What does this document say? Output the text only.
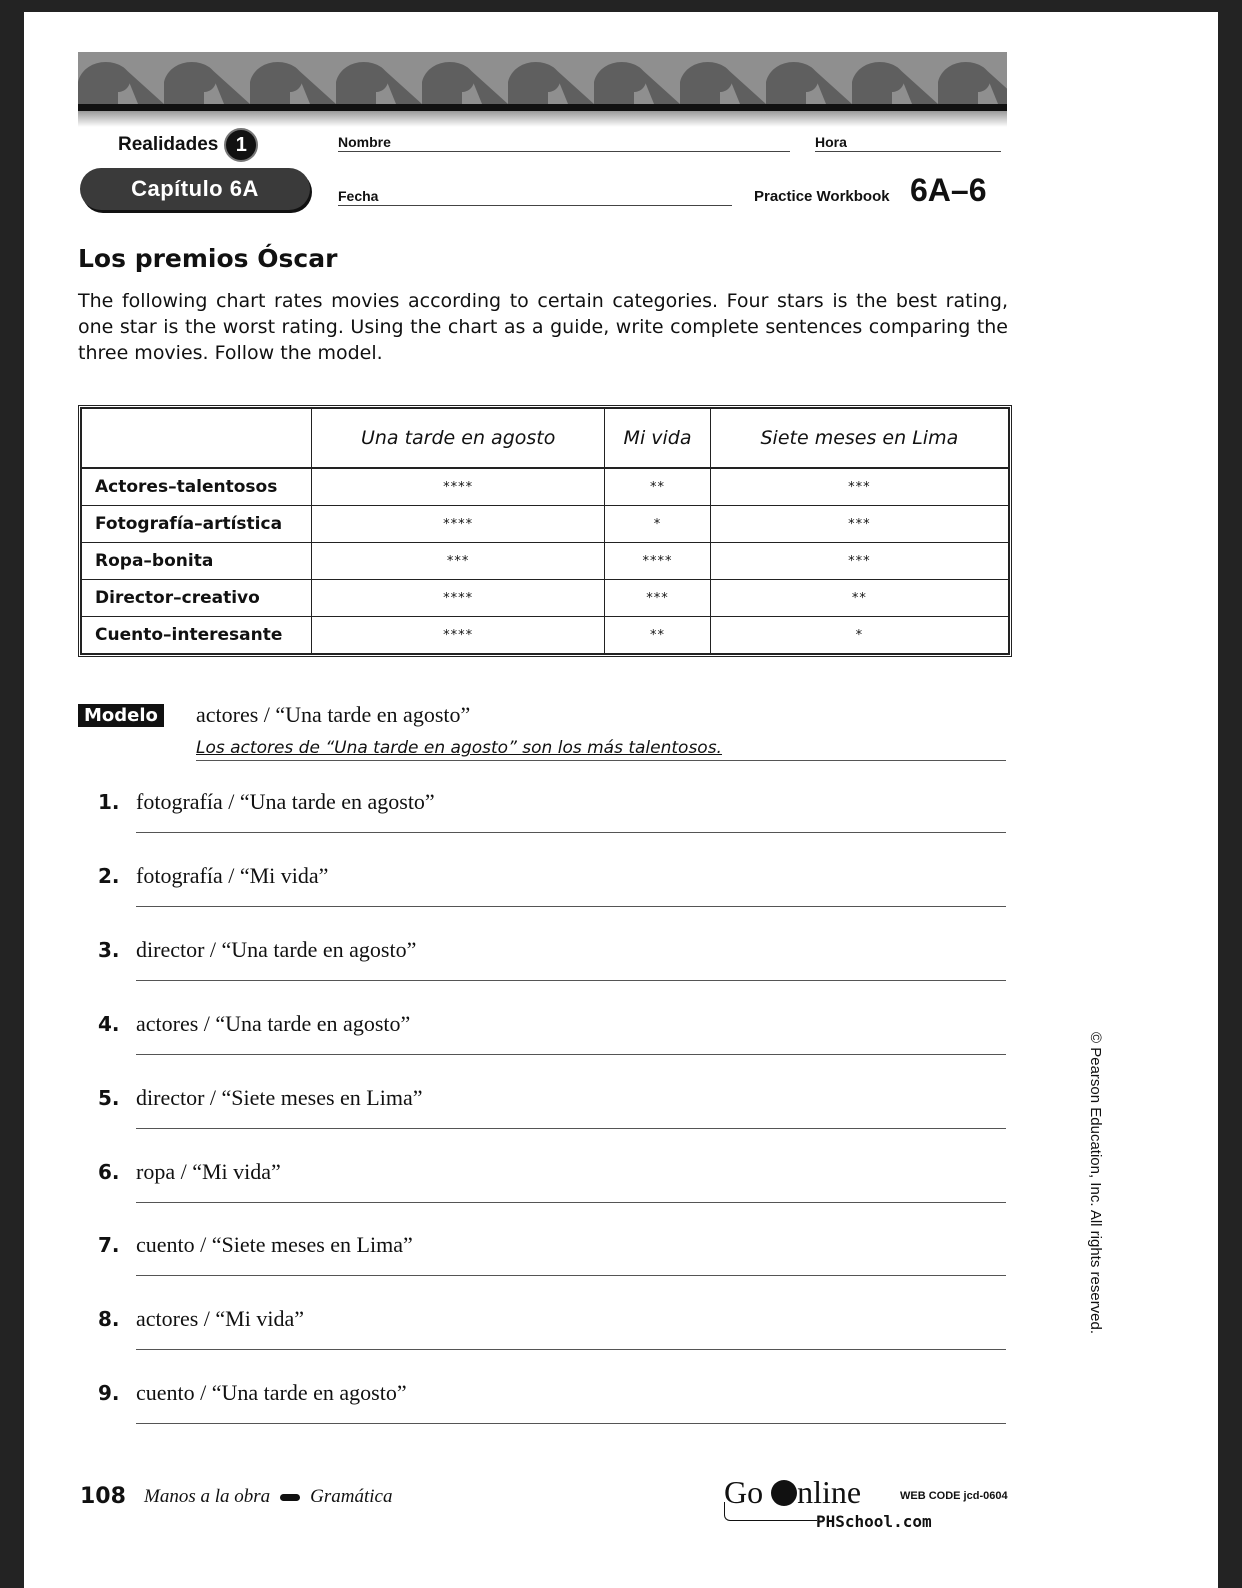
Realidades 1
Capítulo 6A
Nombre	Hora
Fecha	Practice Workbook 6A–6
Los premios Óscar
The following chart rates movies according to certain categories. Four stars is the best rating, one star is the worst rating. Using the chart as a guide, write complete sentences comparing the three movies. Follow the model.
	Una tarde en agosto	Mi vida	Siete meses en Lima
Actores–talentosos	****	**	***
Fotografía–artística	****	*	***
Ropa–bonita	***	****	***
Director–creativo	****	***	**
Cuento–interesante	****	**	*
Modelo actores / “Una tarde en agosto”
Los actores de “Una tarde en agosto” son los más talentosos.
1. fotografía / “Una tarde en agosto”
2. fotografía / “Mi vida”
3. director / “Una tarde en agosto”
4. actores / “Una tarde en agosto”
5. director / “Siete meses en Lima”
6. ropa / “Mi vida”
7. cuento / “Siete meses en Lima”
8. actores / “Mi vida”
9. cuento / “Una tarde en agosto”
108 Manos a la obra Gramática	Go nline	WEB CODE jcd-0604
PHSchool.com
© Pearson Education, Inc. All rights reserved.
